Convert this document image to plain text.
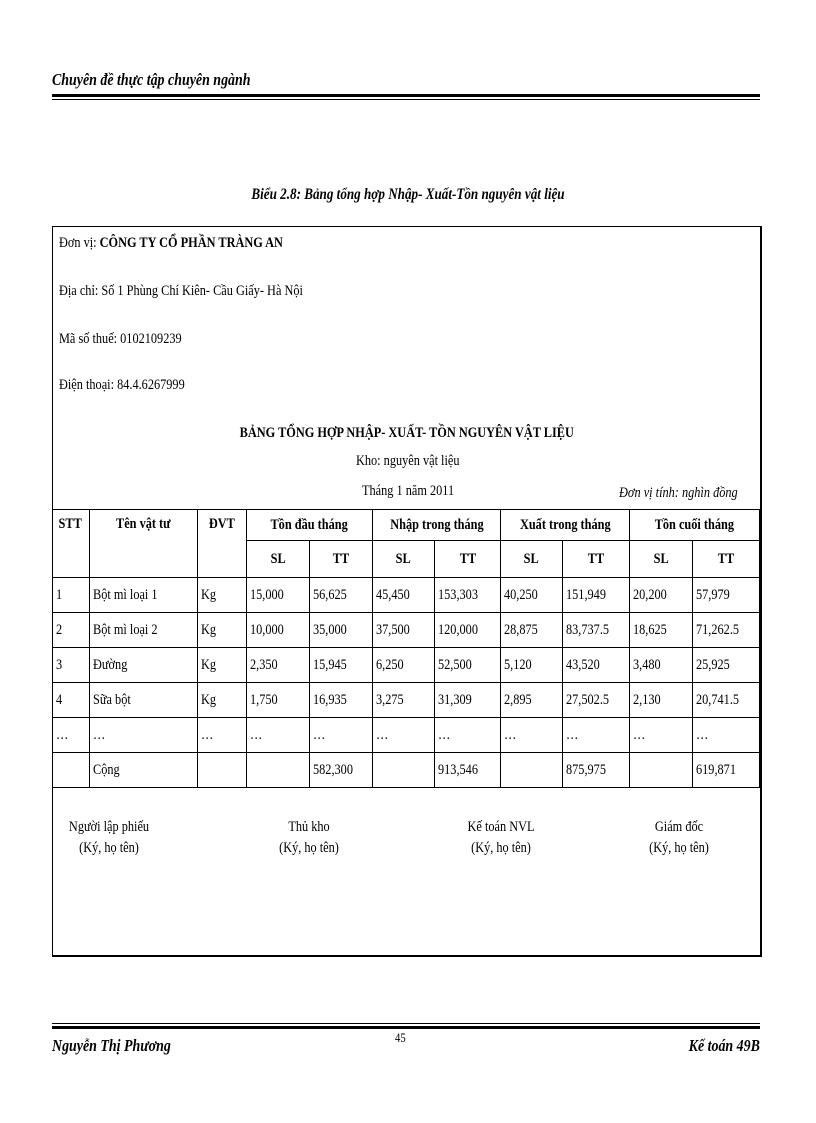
Chuyên đề thực tập chuyên ngành
Biểu 2.8: Bảng tổng hợp Nhập- Xuất-Tồn nguyên vật liệu
Đơn vị: CÔNG TY CỔ PHẦN TRÀNG AN
Địa chỉ: Số 1 Phùng Chí Kiên- Cầu Giấy- Hà Nội
Mã số thuế: 0102109239
Điện thoại: 84.4.6267999
BẢNG TỔNG HỢP NHẬP- XUẤT- TỒN NGUYÊN VẬT LIỆU
Kho: nguyên vật liệu
Tháng 1 năm 2011	Đơn vị tính: nghìn đồng
STT	Tên vật tư	ĐVT	Tồn đầu tháng		Nhập trong tháng		Xuất trong tháng		Tồn cuối tháng	
			SL	TT	SL	TT	SL	TT	SL	TT
1	Bột mì loại 1	Kg	15,000	56,625	45,450	153,303	40,250	151,949	20,200	57,979
2	Bột mì loại 2	Kg	10,000	35,000	37,500	120,000	28,875	83,737.5	18,625	71,262.5
3	Đường	Kg	2,350	15,945	6,250	52,500	5,120	43,520	3,480	25,925
4	Sữa bột	Kg	1,750	16,935	3,275	31,309	2,895	27,502.5	2,130	20,741.5
…	…	…	…	…	…	…	…	…	…	…
	Cộng			582,300		913,546		875,975		619,871
Người lập phiếu
(Ký, họ tên)
Thủ kho
(Ký, họ tên)
Kế toán NVL
(Ký, họ tên)
Giám đốc
(Ký, họ tên)
Nguyễn Thị Phương	45	Kế toán 49B
